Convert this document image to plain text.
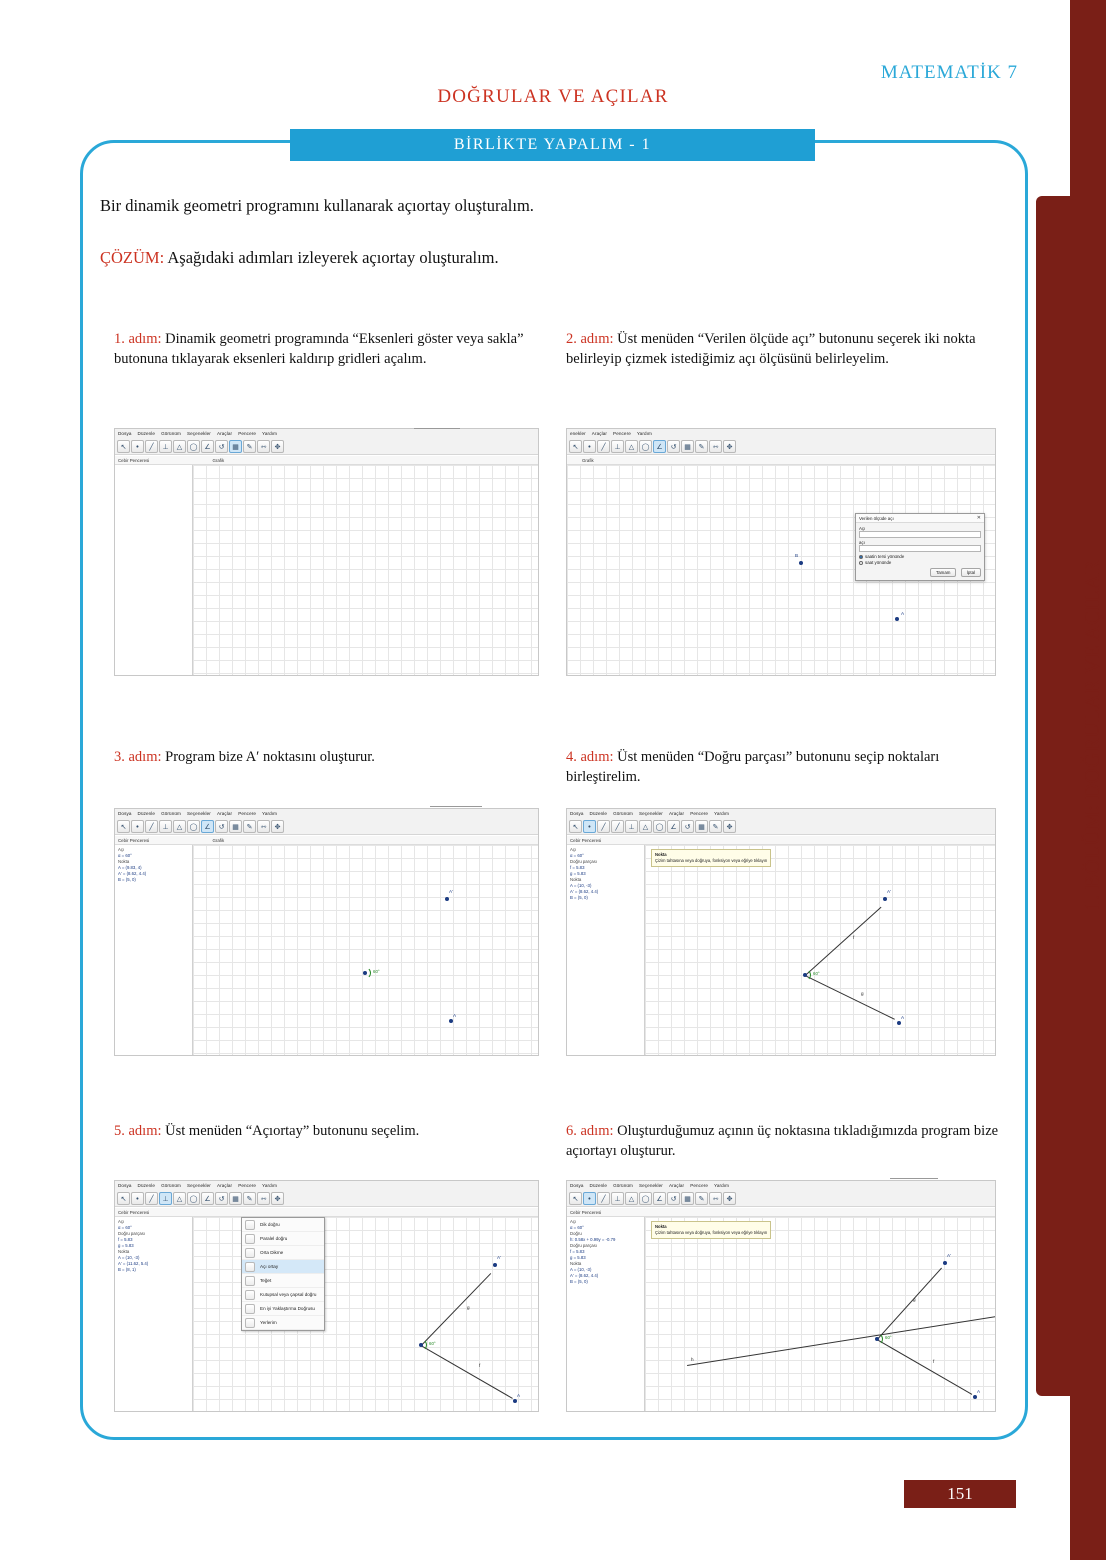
1. BÖLÜM: DOĞRULAR VE AÇILAR
MATEMATİK 7
DOĞRULAR VE AÇILAR
BİRLİKTE YAPALIM - 1
Bir dinamik geometri programını kullanarak açıortay oluşturalım.
ÇÖZÜM: Aşağıdaki adımları izleyerek açıortay oluşturalım.
1. adım: Dinamik geometri programında “Eksenleri göster veya sakla” butonuna tıklayarak eksenleri kaldırıp gridleri açalım.
Dosya Düzenle Görünüm Seçenekler Araçlar Pencere Yardım
↖	•	╱	⊥	△	◯ ∠	↺	▦	✎	⇿	✥
Cebir Penceresi	Grafik
2. adım: Üst menüden “Verilen ölçüde açı” butonunu seçerek iki nokta belirleyip çizmek istediğimiz açı ölçüsünü belirleyelim.
enekler Araçlar Pencere Yardım
↖	•	╱	⊥	△	◯ ∠	↺	▦	✎	⇿	✥
Grafik
B
A
Verilen ölçüde açı	✕
Açı
açı
saatin tersi yönünde
saat yönünde
Tamam	İptal
3. adım: Program bize A′ noktasını oluşturur.
Dosya Düzenle Görünüm Seçenekler Araçlar Pencere Yardım
↖	•	╱	⊥	△	◯ ∠	↺	▦	✎	⇿	✥
Cebir Penceresi	Grafik
Açı
α = 60°
Nokta
A = (9.83, 4)
A' = (8.62, 4.4)
B = (5, 0)
A'
60°
A
4. adım: Üst menüden “Doğru parçası” butonunu seçip noktaları birleştirelim.
Dosya Düzenle Görünüm Seçenekler Araçlar Pencere Yardım
↖	•	╱	╱	⊥	△	◯ ∠	↺	▦	✎	✥
Cebir Penceresi
Açı
α = 60°
Doğru parçası
f = 5.83
g = 5.83
Nokta
A = (10, -3)
A' = (8.62, 4.4)
B = (5, 0)
f
g
A'
60°
A
Nokta
Çizim tahtasına veya doğruya, fonksiyon veya eğriye tıklayın
5. adım: Üst menüden “Açıortay” butonunu seçelim.
Dosya Düzenle Görünüm Seçenekler Araçlar Pencere Yardım
↖	•	╱	⊥	△	◯ ∠	↺	▦	✎	⇿	✥
Cebir Penceresi
Açı
α = 60°
Doğru parçası
f = 5.83
g = 5.83
Nokta
A = (10, -3)
A' = (11.62, 5.4)
B = (8, 1)
g
f
A'
60°
A
Dik doğru
Paralel doğru
Orta Dikme
Açı ortay
Teğet
Kutupsal veya çapsal doğru
En iyi Yaklaştırma Doğrusu
Yerlerim
6. adım: Oluşturduğumuz açının üç noktasına tıkladığımızda program bize açıortayı oluşturur.
Dosya Düzenle Görünüm Seçenekler Araçlar Pencere Yardım
↖	•	╱	⊥	△	◯ ∠	↺	▦	✎	⇿	✥
Cebir Penceresi
Açı
α = 60°
Doğru
h: 0.58x + 0.99y = -0.79
Doğru parçası
f = 5.83
g = 5.83
Nokta
A = (10, -3)
A' = (8.62, 4.4)
B = (5, 0)
g
f
h
A'
60°
A
Nokta
Çizim tahtasına veya doğruya, fonksiyon veya eğriye tıklayın
151
